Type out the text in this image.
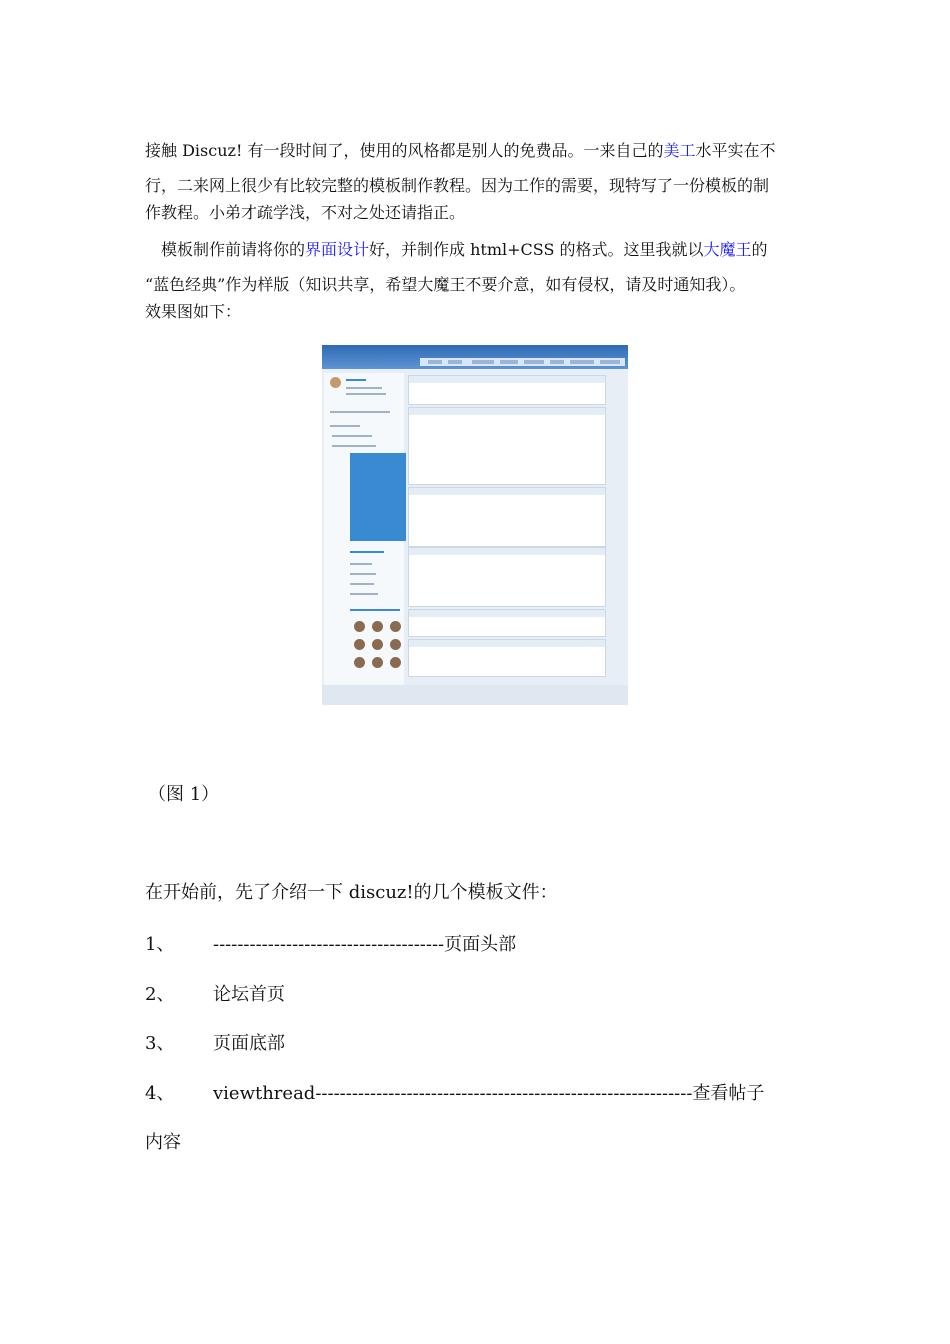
接触 Discuz! 有一段时间了，使用的风格都是别人的免费品。一来自己的美工水平实在不
行，二来网上很少有比较完整的模板制作教程。因为工作的需要，现特写了一份模板的制
作教程。小弟才疏学浅，不对之处还请指正。

模板制作前请将你的界面设计好，并制作成 html+CSS 的格式。这里我就以大魔王的
“蓝色经典”作为样版（知识共享，希望大魔王不要介意，如有侵权，请及时通知我）。
效果图如下：

（图 1）
在开始前，先了介绍一下 discuz!的几个模板文件：
1、 --------------------------------------页面头部
2、 论坛首页
3、 页面底部
4、 viewthread--------------------------------------------------------------查看帖子
内容
